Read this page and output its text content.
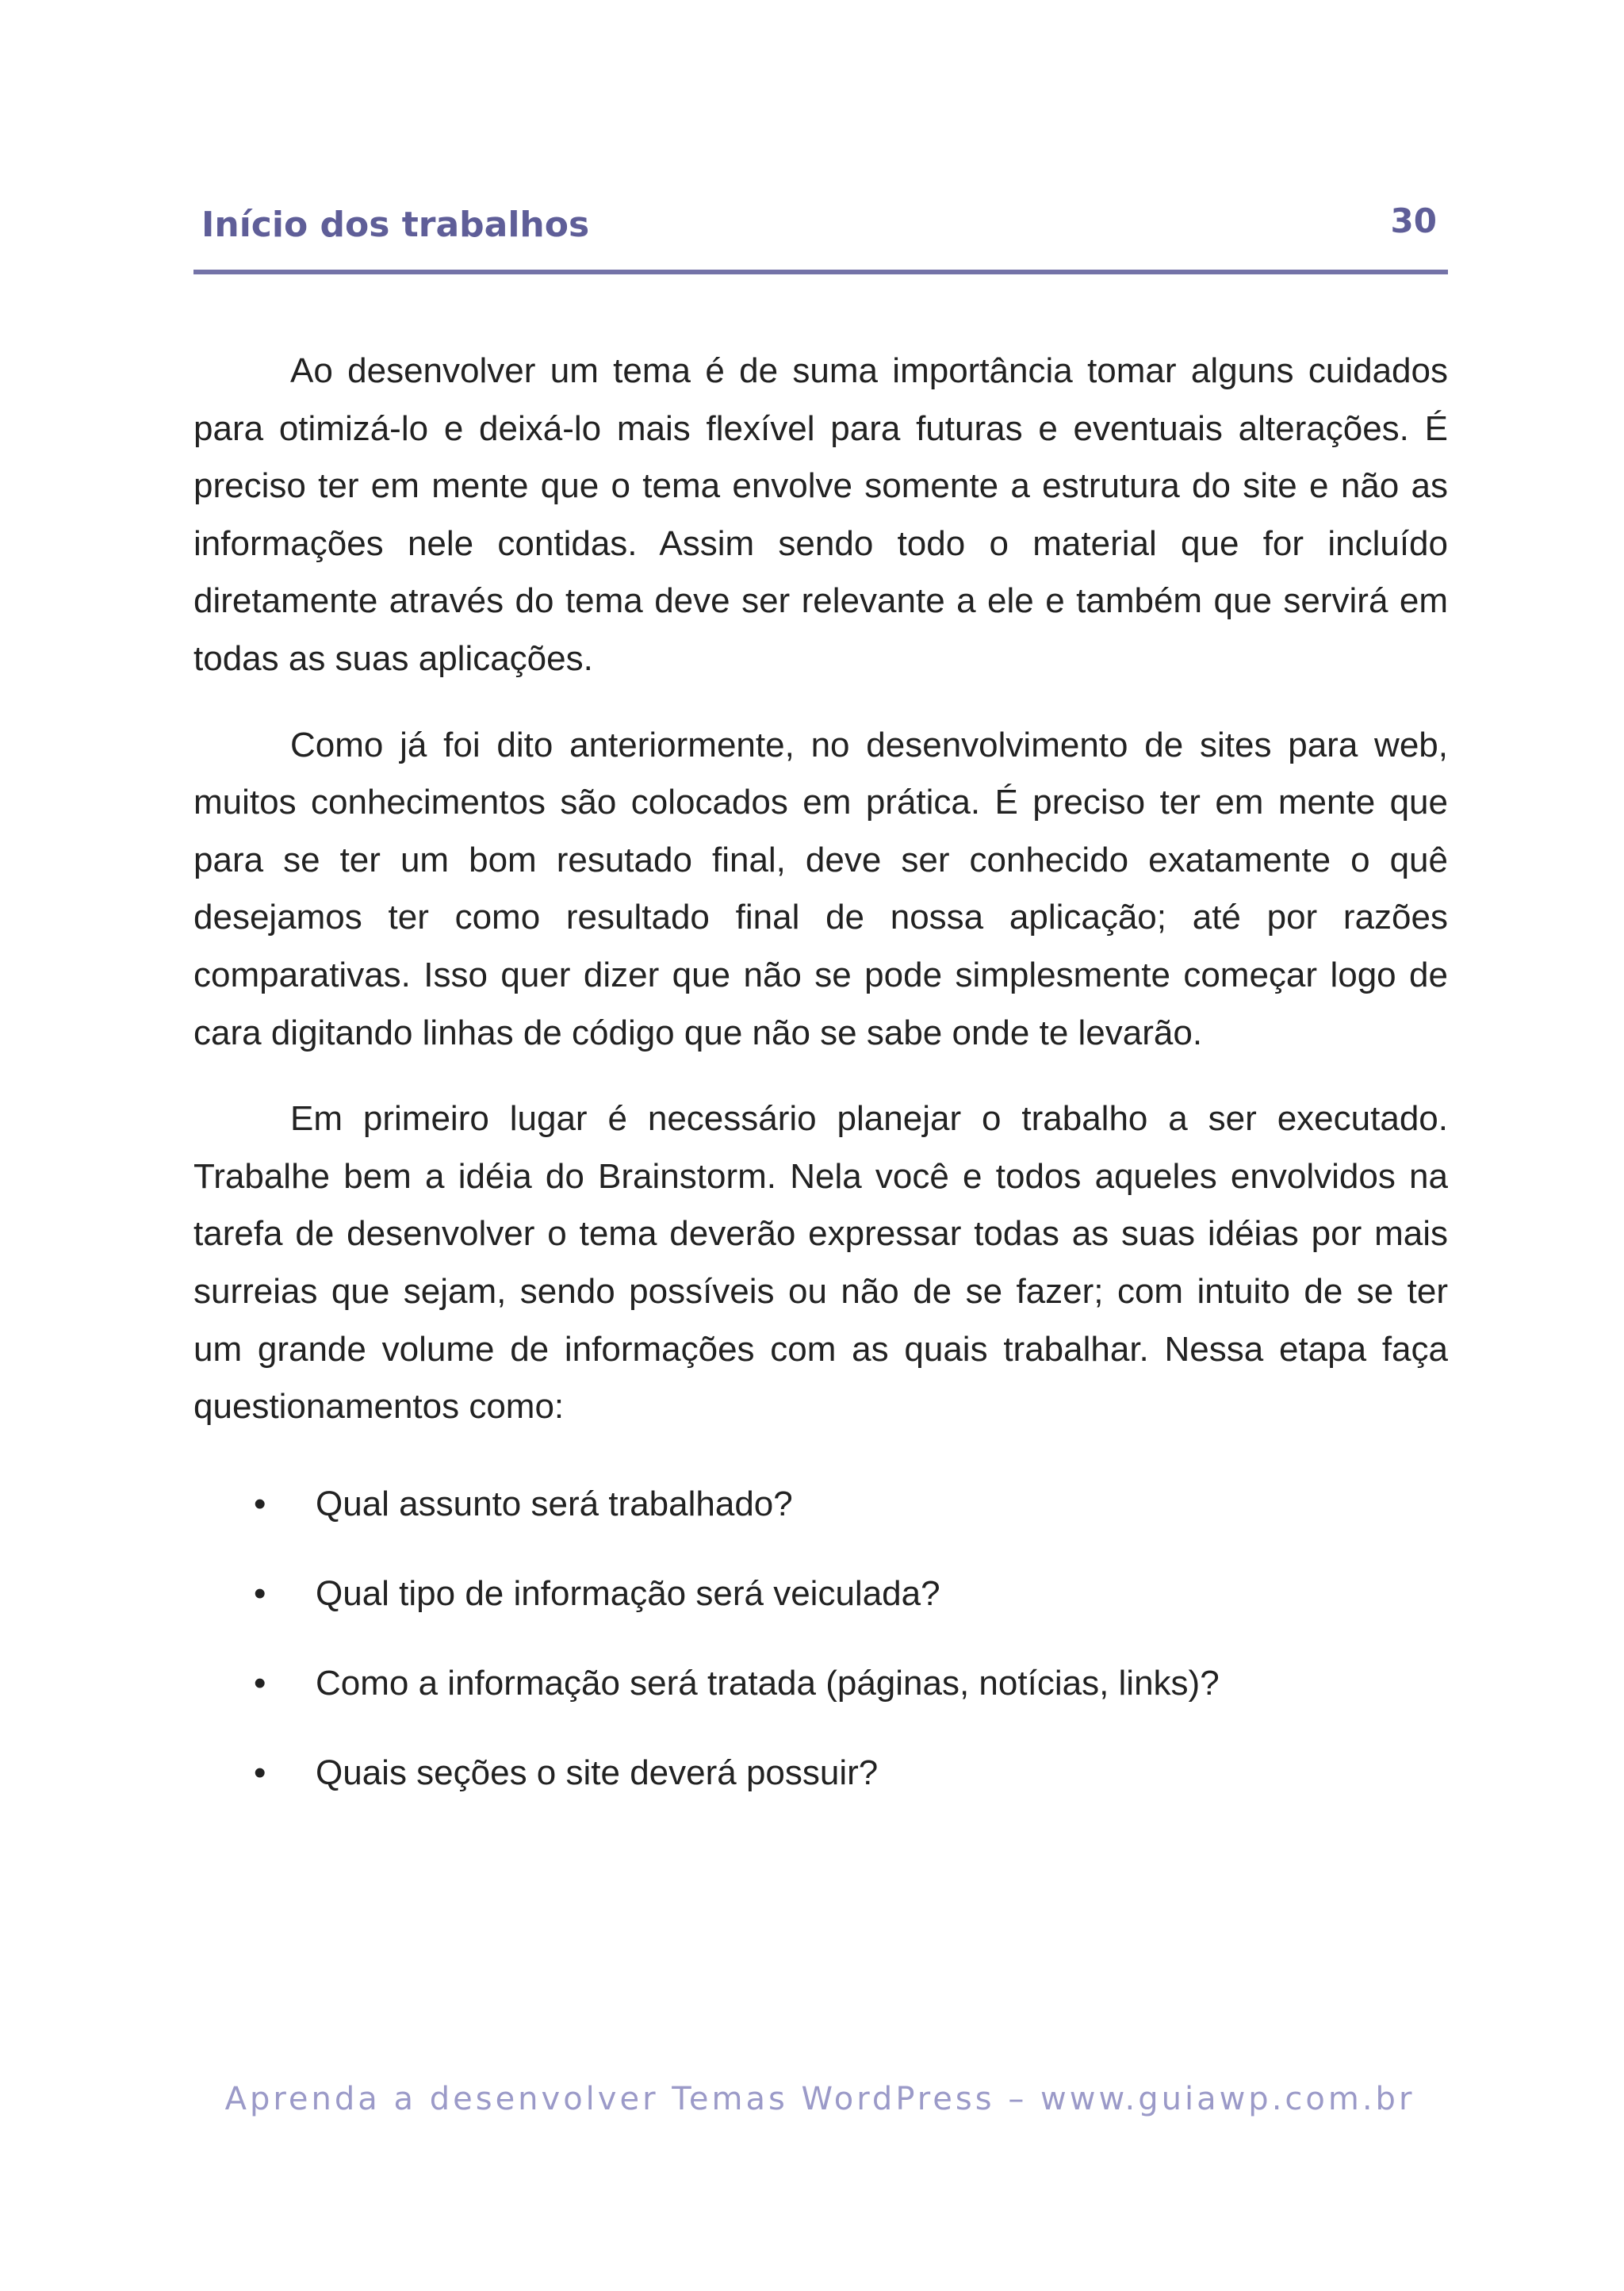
Início dos trabalhos	30

Ao desenvolver um tema é de suma importância tomar alguns cuidados para otimizá-lo e deixá-lo mais flexível para futuras e eventuais alterações. É preciso ter em mente que o tema envolve somente a estrutura do site e não as informações nele contidas. Assim sendo todo o material que for incluído diretamente através do tema deve ser relevante a ele e também que servirá em todas as suas aplicações.

Como já foi dito anteriormente, no desenvolvimento de sites para web, muitos conhecimentos são colocados em prática. É preciso ter em mente que para se ter um bom resutado final, deve ser conhecido exatamente o quê desejamos ter como resultado final de nossa aplicação; até por razões comparativas. Isso quer dizer que não se pode simplesmente começar logo de cara digitando linhas de código que não se sabe onde te levarão.

Em primeiro lugar é necessário planejar o trabalho a ser executado. Trabalhe bem a idéia do Brainstorm. Nela você e todos aqueles envolvidos na tarefa de desenvolver o tema deverão expressar todas as suas idéias por mais surreias que sejam, sendo possíveis ou não de se fazer; com intuito de se ter um grande volume de informações com as quais trabalhar. Nessa etapa faça questionamentos como:

• Qual assunto será trabalhado?
• Qual tipo de informação será veiculada?
• Como a informação será tratada (páginas, notícias, links)?
• Quais seções o site deverá possuir?
Aprenda a desenvolver Temas WordPress – www.guiawp.com.br
